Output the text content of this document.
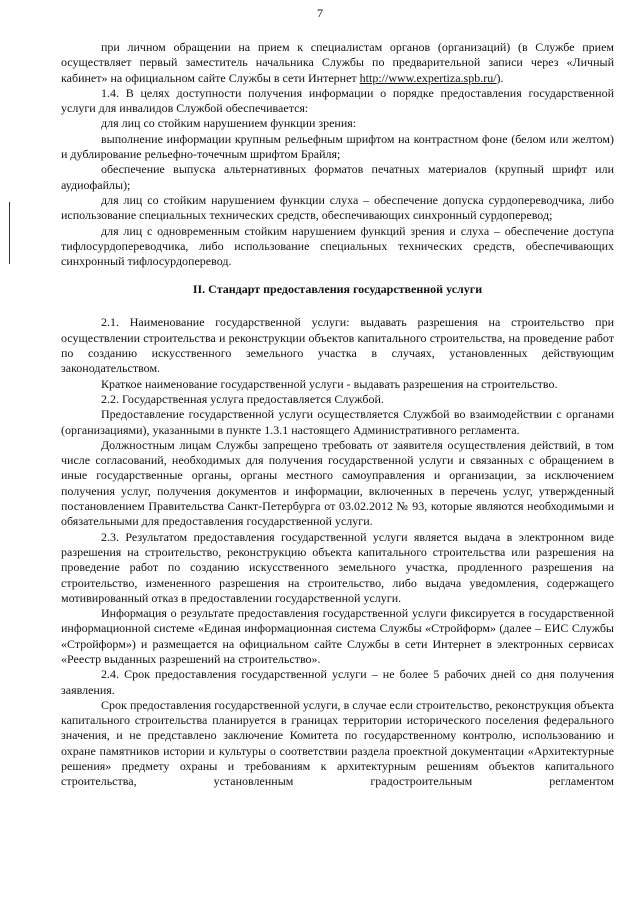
7

при личном обращении на прием к специалистам органов (организаций) (в Службе прием осуществляет первый заместитель начальника Службы по предварительной записи через «Личный кабинет» на официальном сайте Службы в сети Интернет http://www.expertiza.spb.ru/).

1.4. В целях доступности получения информации о порядке предоставления государственной услуги для инвалидов Службой обеспечивается:

для лиц со стойким нарушением функции зрения:

выполнение информации крупным рельефным шрифтом на контрастном фоне (белом или желтом) и дублирование рельефно-точечным шрифтом Брайля;

обеспечение выпуска альтернативных форматов печатных материалов (крупный шрифт или аудиофайлы);

для лиц со стойким нарушением функции слуха – обеспечение допуска сурдопереводчика, либо использование специальных технических средств, обеспечивающих синхронный сурдоперевод;

для лиц с одновременным стойким нарушением функций зрения и слуха – обеспечение доступа тифлосурдопереводчика, либо использование специальных технических средств, обеспечивающих синхронный тифлосурдоперевод.

II. Стандарт предоставления государственной услуги

2.1. Наименование государственной услуги: выдавать разрешения на строительство при осуществлении строительства и реконструкции объектов капитального строительства, на проведение работ по созданию искусственного земельного участка в случаях, установленных действующим законодательством.

Краткое наименование государственной услуги - выдавать разрешения на строительство.

2.2. Государственная услуга предоставляется Службой.

Предоставление государственной услуги осуществляется Службой во взаимодействии с органами (организациями), указанными в пункте 1.3.1 настоящего Административного регламента.

Должностным лицам Службы запрещено требовать от заявителя осуществления действий, в том числе согласований, необходимых для получения государственной услуги и связанных с обращением в иные государственные органы, органы местного самоуправления и организации, за исключением получения услуг, получения документов и информации, включенных в перечень услуг, утвержденный постановлением Правительства Санкт-Петербурга от 03.02.2012 № 93, которые являются необходимыми и обязательными для предоставления государственной услуги.

2.3. Результатом предоставления государственной услуги является выдача в электронном виде разрешения на строительство, реконструкцию объекта капитального строительства или разрешения на проведение работ по созданию искусственного земельного участка, продленного разрешения на строительство, измененного разрешения на строительство, либо выдача уведомления, содержащего мотивированный отказ в предоставлении государственной услуги.

Информация о результате предоставления государственной услуги фиксируется в государственной информационной системе «Единая информационная система Службы «Стройформ» (далее – ЕИС Службы «Стройформ») и размещается на официальном сайте Службы в сети Интернет в электронных сервисах «Реестр выданных разрешений на строительство».

2.4. Срок предоставления государственной услуги – не более 5 рабочих дней со дня получения заявления.

Срок предоставления государственной услуги, в случае если строительство, реконструкция объекта капитального строительства планируется в границах территории исторического поселения федерального значения, и не представлено заключение Комитета по государственному контролю, использованию и охране памятников истории и культуры о соответствии раздела проектной документации «Архитектурные решения» предмету охраны и требованиям к архитектурным решениям объектов капитального строительства, установленным градостроительным регламентом
